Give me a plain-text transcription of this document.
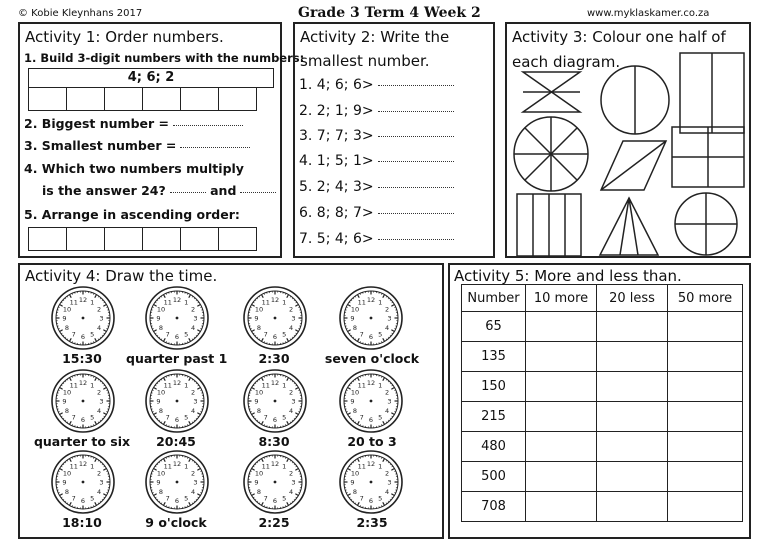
© Kobie Kleynhans 2017	Grade 3 Term 4 Week 2	www.myklaskamer.co.za
Activity 1: Order numbers.
1. Build 3-digit numbers with the numbers:
4; 6; 2

2. Biggest number =
3. Smallest number =
4. Which two numbers multiply
is the answer 24?	and
5. Arrange in ascending order:

Activity 2: Write the
smallest number.
1. 4; 6; 6>
2. 2; 1; 9>
3. 7; 7; 3>
4. 1; 5; 1>
5. 2; 4; 3>
6. 8; 8; 7>
7. 5; 4; 6>
Activity 3: Colour one half of
each diagram.
Activity 4: Draw the time.
1
2
3
4
5
6
7
8
9
10
11 12	1
2
3
4
5
6
7
8
9
10
11 12	1
2
3
4
5
6
7
8
9
10
11 12	1
2
3
4
5
6
7
8
9
10
11 12
1
2
3
4
5
6
7
8
9
10
11 12	1
2
3
4
5
6
7
8
9
10
11 12	1
2
3
4
5
6
7
8
9
10
11 12	1
2
3
4
5
6
7
8
9
10
11 12
1
2
3
4
5
6
7
8
9
10
11 12	1
2
3
4
5
6
7
8
9
10
11 12	1
2
3
4
5
6
7
8
9
10
11 12	1
2
3
4
5
6
7
8
9
10
11 12
15:30	quarter past 1	2:30	seven o'clock
quarter to six	20:45	8:30	20 to 3
18:10	9 o'clock	2:25	2:35
Activity 5: More and less than.
Number	10 more	20 less	50 more
65			
135			
150			
215			
480			
500			
708			
